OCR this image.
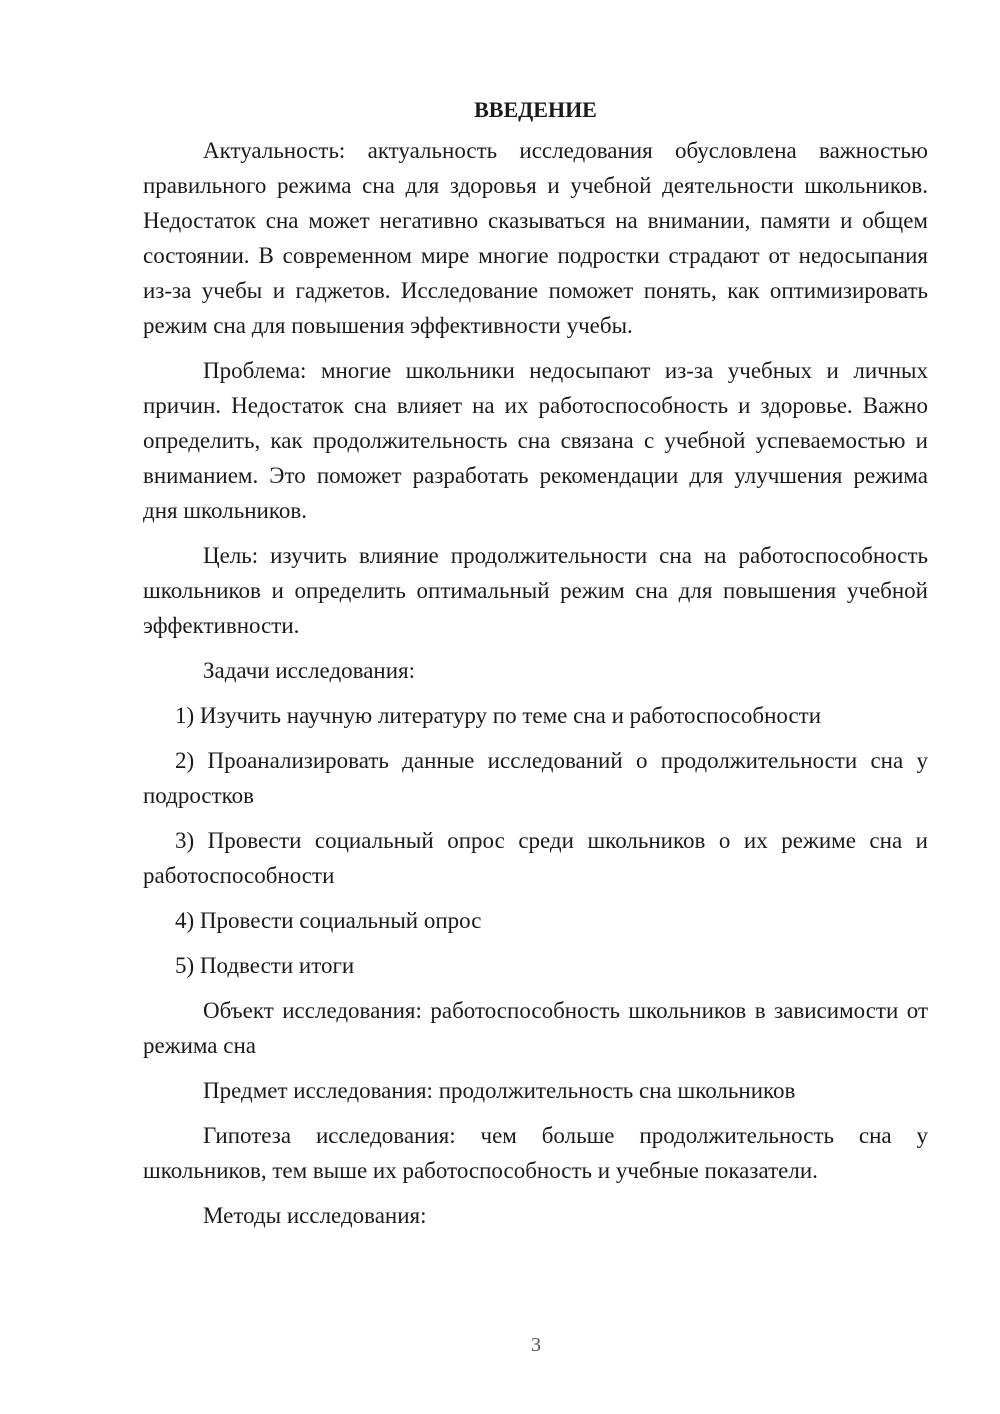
ВВЕДЕНИЕ

Актуальность: актуальность исследования обусловлена важностью правильного режима сна для здоровья и учебной деятельности школьников. Недостаток сна может негативно сказываться на внимании, памяти и общем состоянии. В современном мире многие подростки страдают от недосыпания из-за учебы и гаджетов. Исследование поможет понять, как оптимизировать режим сна для повышения эффективности учебы.

Проблема: многие школьники недосыпают из-за учебных и личных причин. Недостаток сна влияет на их работоспособность и здоровье. Важно определить, как продолжительность сна связана с учебной успеваемостью и вниманием. Это поможет разработать рекомендации для улучшения режима дня школьников.

Цель: изучить влияние продолжительности сна на работоспособность школьников и определить оптимальный режим сна для повышения учебной эффективности.

Задачи исследования:

1) Изучить научную литературу по теме сна и работоспособности

2) Проанализировать данные исследований о продолжительности сна у подростков

3) Провести социальный опрос среди школьников о их режиме сна и работоспособности

4) Провести социальный опрос

5) Подвести итоги

Объект исследования: работоспособность школьников в зависимости от режима сна

Предмет исследования: продолжительность сна школьников

Гипотеза исследования: чем больше продолжительность сна у школьников, тем выше их работоспособность и учебные показатели.

Методы исследования:

3
